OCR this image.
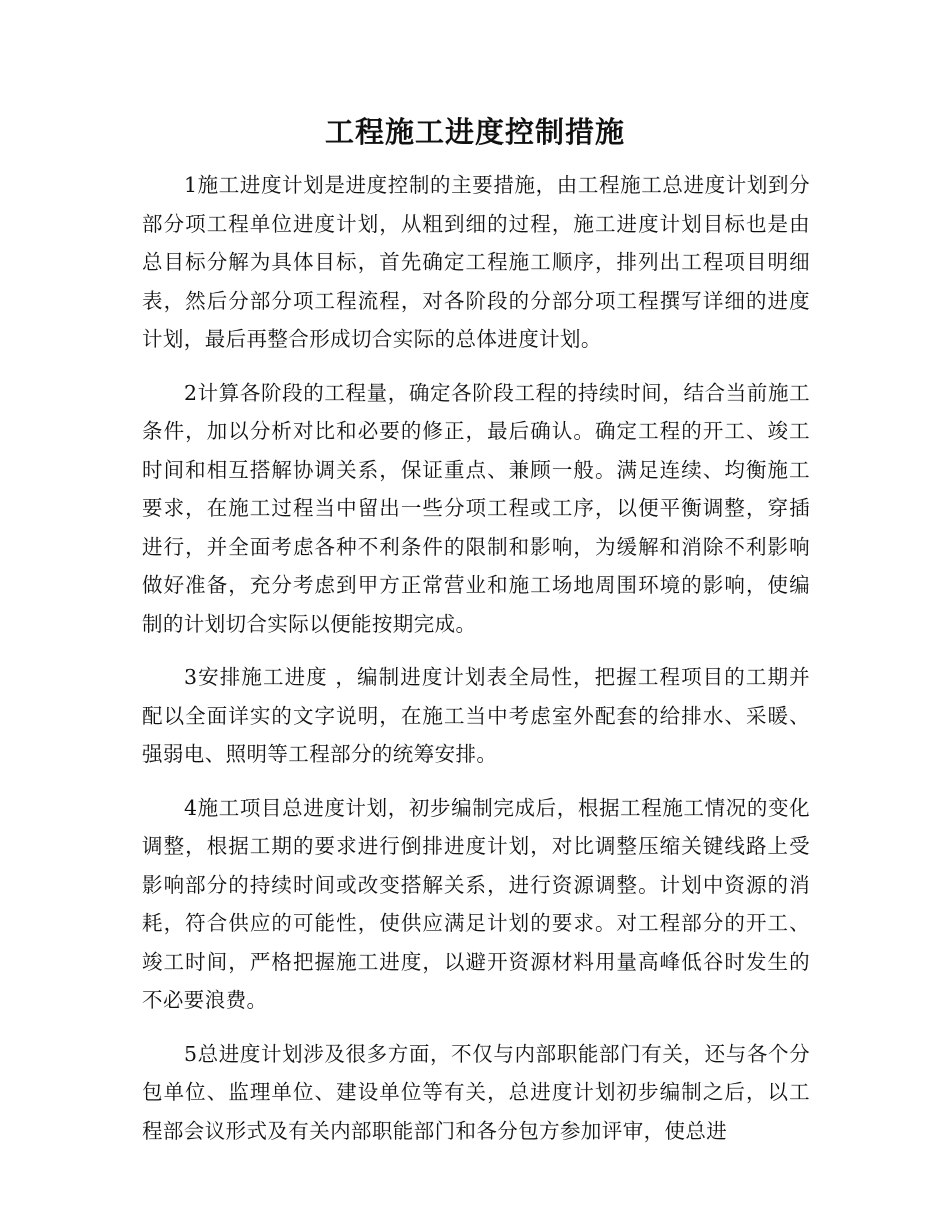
工程施工进度控制措施

1施工进度计划是进度控制的主要措施，由工程施工总进度计划到分部分项工程单位进度计划，从粗到细的过程，施工进度计划目标也是由总目标分解为具体目标，首先确定工程施工顺序，排列出工程项目明细表，然后分部分项工程流程，对各阶段的分部分项工程撰写详细的进度计划，最后再整合形成切合实际的总体进度计划。

2计算各阶段的工程量，确定各阶段工程的持续时间，结合当前施工条件，加以分析对比和必要的修正，最后确认。确定工程的开工、竣工时间和相互搭解协调关系，保证重点、兼顾一般。满足连续、均衡施工要求，在施工过程当中留出一些分项工程或工序，以便平衡调整，穿插进行，并全面考虑各种不利条件的限制和影响，为缓解和消除不利影响做好准备，充分考虑到甲方正常营业和施工场地周围环境的影响，使编制的计划切合实际以便能按期完成。

3安排施工进度 ，编制进度计划表全局性，把握工程项目的工期并配以全面详实的文字说明，在施工当中考虑室外配套的给排水、采暖、强弱电、照明等工程部分的统筹安排。

4施工项目总进度计划，初步编制完成后，根据工程施工情况的变化调整，根据工期的要求进行倒排进度计划，对比调整压缩关键线路上受影响部分的持续时间或改变搭解关系，进行资源调整。计划中资源的消耗，符合供应的可能性，使供应满足计划的要求。对工程部分的开工、竣工时间，严格把握施工进度，以避开资源材料用量高峰低谷时发生的不必要浪费。

5总进度计划涉及很多方面，不仅与内部职能部门有关，还与各个分包单位、监理单位、建设单位等有关，总进度计划初步编制之后，以工程部会议形式及有关内部职能部门和各分包方参加评审，使总进
